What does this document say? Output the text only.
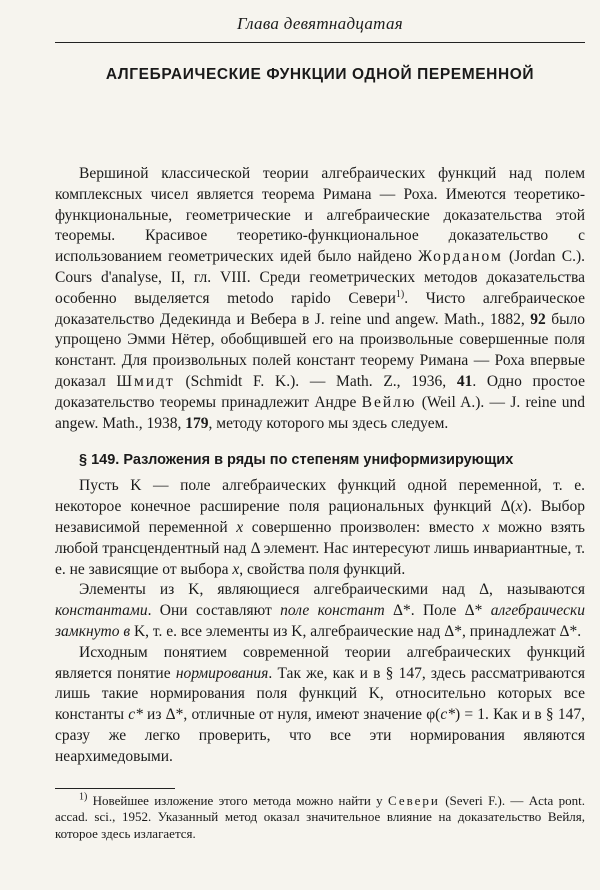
Глава девятнадцатая
АЛГЕБРАИЧЕСКИЕ ФУНКЦИИ ОДНОЙ ПЕРЕМЕННОЙ

Вершиной классической теории алгебраических функций над полем комплексных чисел является теорема Римана — Роха. Имеются теоретико-функциональные, геометрические и алгебраические доказательства этой теоремы. Красивое теоретико-функциональное доказательство с использованием геометрических идей было найдено Жорданом (Jordan C.). Cours d'analyse, II, гл. VIII. Среди геометрических методов доказательства особенно выделяется metodo rapido Севери$^{1)}$. Чисто алгебраическое доказательство Дедекинда и Вебера в J. reine und angew. Math., 1882, 92 было упрощено Эмми Нётер, обобщившей его на произвольные совершенные поля констант. Для произвольных полей констант теорему Римана — Роха впервые доказал Шмидт (Schmidt F. K.). — Math. Z., 1936, 41. Одно простое доказательство теоремы принадлежит Андре Вейлю (Weil A.). — J. reine und angew. Math., 1938, 179, методу которого мы здесь следуем.

§ 149. Разложения в ряды по степеням униформизирующих

Пусть Κ — поле алгебраических функций одной переменной, т. е. некоторое конечное расширение поля рациональных функций Δ(x). Выбор независимой переменной x совершенно произволен: вместо x можно взять любой трансцендентный над Δ элемент. Нас интересуют лишь инвариантные, т. е. не зависящие от выбора x, свойства поля функций.

Элементы из Κ, являющиеся алгебраическими над Δ, называются константами. Они составляют поле констант Δ*. Поле Δ* алгебраически замкнуто в Κ, т. е. все элементы из Κ, алгебраические над Δ*, принадлежат Δ*.

Исходным понятием современной теории алгебраических функций является понятие нормирования. Так же, как и в § 147, здесь рассматриваются лишь такие нормирования поля функций Κ, относительно которых все константы c* из Δ*, отличные от нуля, имеют значение φ(c*) = 1. Как и в § 147, сразу же легко проверить, что все эти нормирования являются неархимедовыми.

$^{1)}$ Новейшее изложение этого метода можно найти у Севери (Severi F.). — Acta pont. accad. sci., 1952. Указанный метод оказал значительное влияние на доказательство Вейля, которое здесь излагается.
